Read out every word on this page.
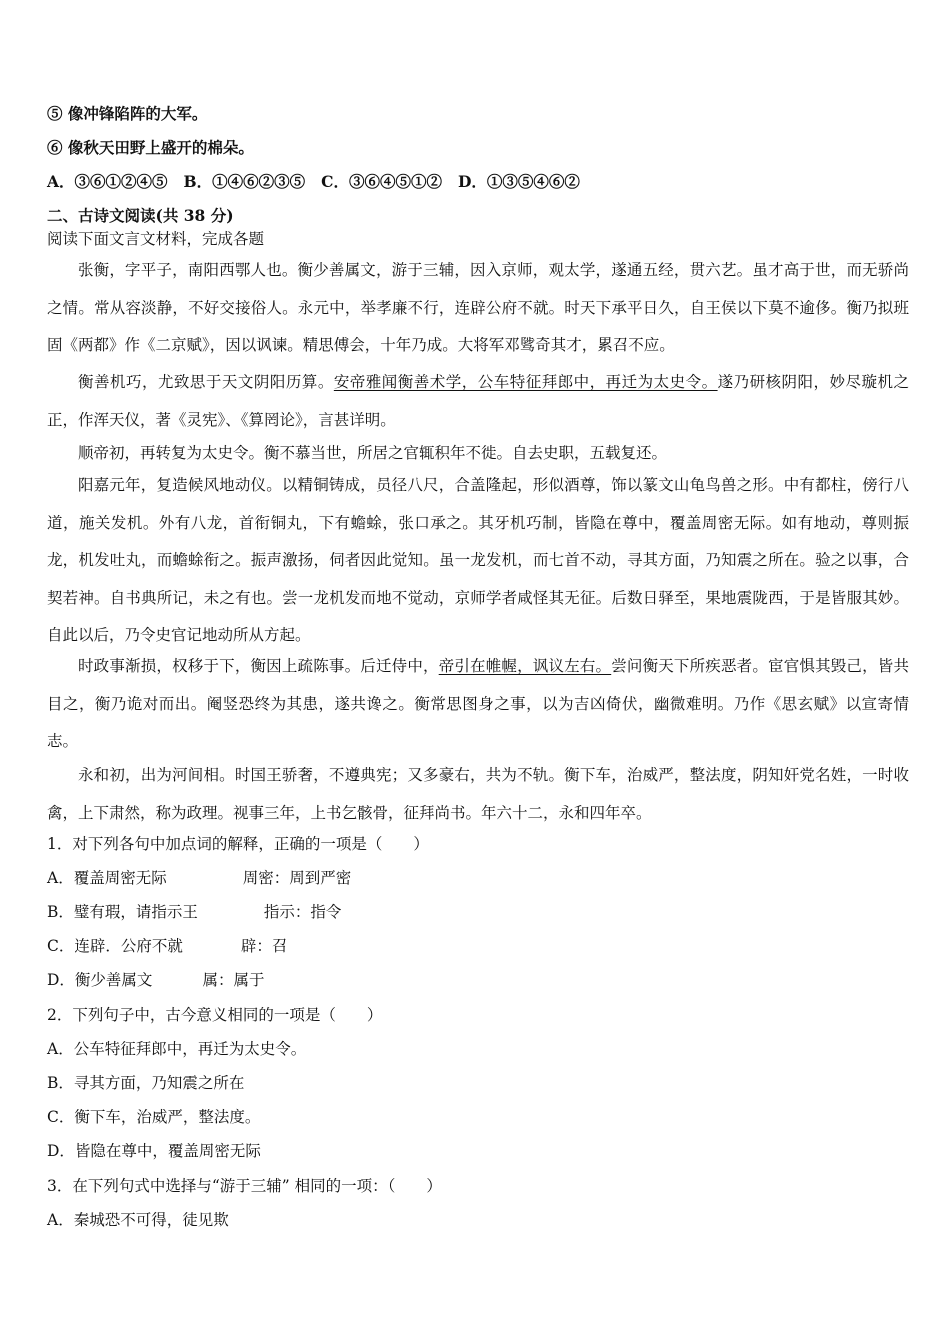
⑤ 像冲锋陷阵的大军。
⑥ 像秋天田野上盛开的棉朵。
A．③⑥①②④⑤ B．①④⑥②③⑤ C．③⑥④⑤①② D．①③⑤④⑥②
二、古诗文阅读(共 38 分)
阅读下面文言文材料，完成各题
张衡，字平子，南阳西鄂人也。衡少善属文，游于三辅，因入京师，观太学，遂通五经，贯六艺。虽才高于世，而无骄尚之情。常从容淡静，不好交接俗人。永元中，举孝廉不行，连辟公府不就。时天下承平日久，自王侯以下莫不逾侈。衡乃拟班固《两都》作《二京赋》，因以讽谏。精思傅会，十年乃成。大将军邓骘奇其才，累召不应。
衡善机巧，尤致思于天文阴阳历算。安帝雅闻衡善术学，公车特征拜郎中，再迁为太史令。遂乃研核阴阳，妙尽璇机之正，作浑天仪，著《灵宪》、《算罔论》，言甚详明。
顺帝初，再转复为太史令。衡不慕当世，所居之官辄积年不徙。自去史职，五载复还。
阳嘉元年，复造候风地动仪。以精铜铸成，员径八尺，合盖隆起，形似酒尊，饰以篆文山龟鸟兽之形。中有都柱，傍行八道，施关发机。外有八龙，首衔铜丸，下有蟾蜍，张口承之。其牙机巧制，皆隐在尊中，覆盖周密无际。如有地动，尊则振龙，机发吐丸，而蟾蜍衔之。振声激扬，伺者因此觉知。虽一龙发机，而七首不动，寻其方面，乃知震之所在。验之以事，合契若神。自书典所记，未之有也。尝一龙机发而地不觉动，京师学者咸怪其无征。后数日驿至，果地震陇西，于是皆服其妙。自此以后，乃令史官记地动所从方起。
时政事渐损，权移于下，衡因上疏陈事。后迁侍中，帝引在帷幄，讽议左右。尝问衡天下所疾恶者。宦官惧其毁己，皆共目之，衡乃诡对而出。阉竖恐终为其患，遂共谗之。衡常思图身之事，以为吉凶倚伏，幽微难明。乃作《思玄赋》以宣寄情志。
永和初，出为河间相。时国王骄奢，不遵典宪；又多豪右，共为不轨。衡下车，治威严，整法度，阴知奸党名姓，一时收禽，上下肃然，称为政理。视事三年，上书乞骸骨，征拜尚书。年六十二，永和四年卒。
1．对下列各句中加点词的解释，正确的一项是（　　）
A．覆盖周密无际	周密：周到严密
B．璧有瑕，请指示王	指示：指令
C．连辟．公府不就	辟：召
D．衡少善属文	属：属于
2．下列句子中，古今意义相同的一项是（　　）
A．公车特征拜郎中，再迁为太史令。
B．寻其方面，乃知震之所在
C．衡下车，治威严，整法度。
D．皆隐在尊中，覆盖周密无际
3．在下列句式中选择与“游于三辅” 相同的一项：（　　）
A．秦城恐不可得，徒见欺
